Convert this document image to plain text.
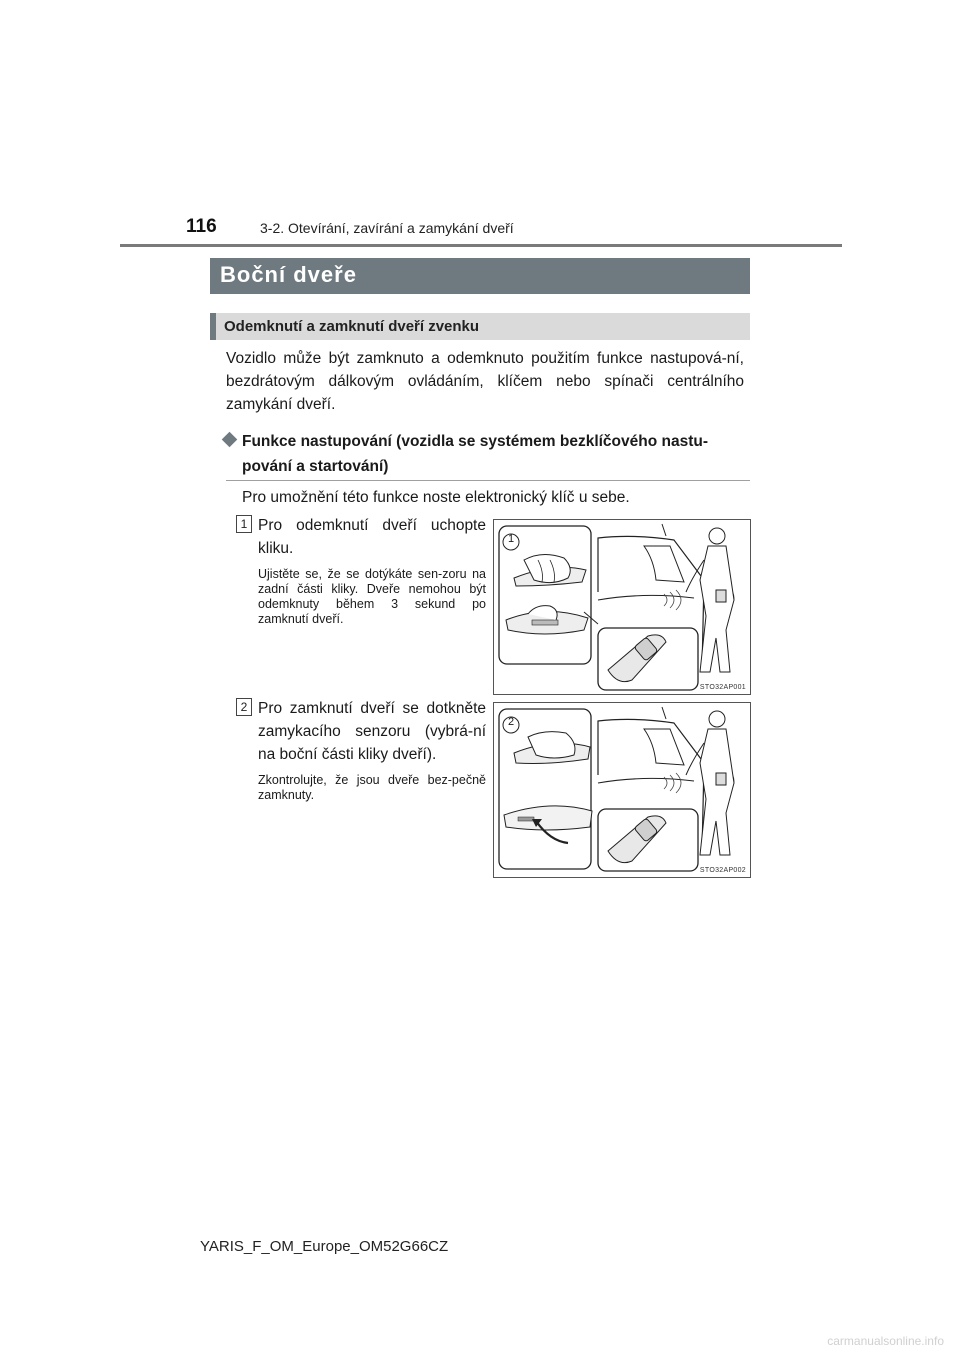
116	3-2. Otevírání, zavírání a zamykání dveří
Boční dveře
Odemknutí a zamknutí dveří zvenku
Vozidlo může být zamknuto a odemknuto použitím funkce nastupová-ní, bezdrátovým dálkovým ovládáním, klíčem nebo spínači centrálního zamykání dveří.
Funkce nastupování (vozidla se systémem bezklíčového nastu-pování a startování)
Pro umožnění této funkce noste elektronický klíč u sebe.
1 Pro odemknutí dveří uchopte kliku.
Ujistěte se, že se dotýkáte sen-zoru na zadní části kliky. Dveře nemohou být odemknuty během 3 sekund po zamknutí dveří.
STO32AP001
1
2 Pro zamknutí dveří se dotkněte zamykacího senzoru (vybrá-ní na boční části kliky dveří).
Zkontrolujte, že jsou dveře bez-pečně zamknuty.
STO32AP002
2
YARIS_F_OM_Europe_OM52G66CZ
carmanualsonline.info
